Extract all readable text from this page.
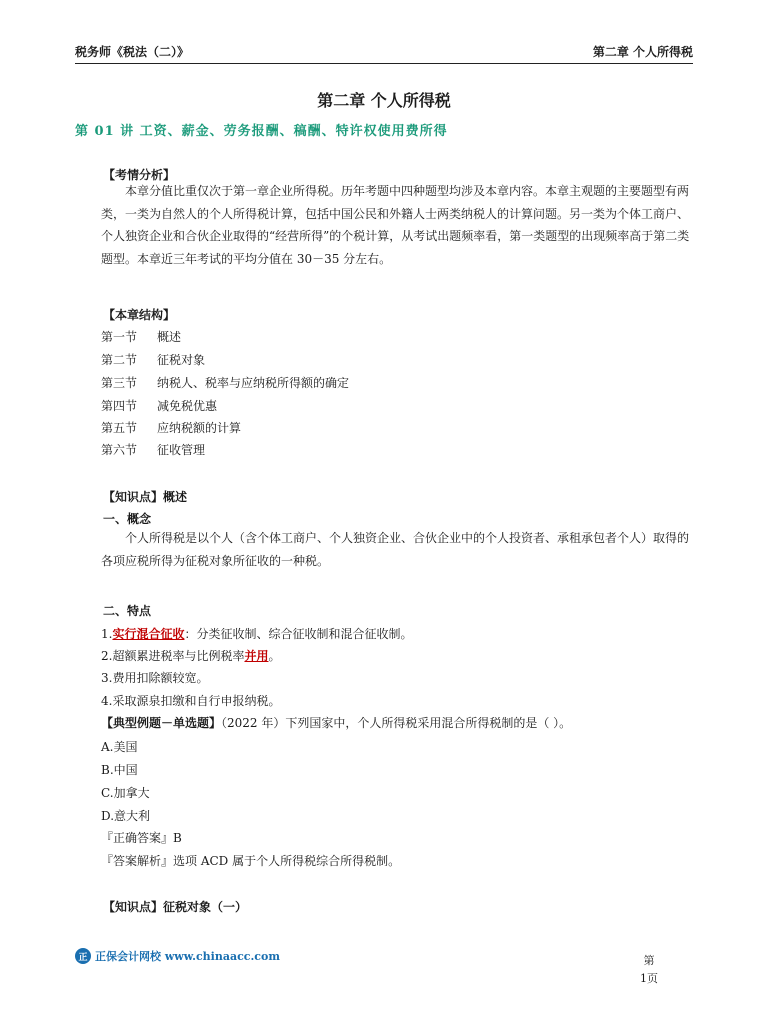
税务师《税法（二）》	第二章 个人所得税
第二章 个人所得税
第 01 讲 工资、薪金、劳务报酬、稿酬、特许权使用费所得
【考情分析】
本章分值比重仅次于第一章企业所得税。历年考题中四种题型均涉及本章内容。本章主观题的主要题型有两类，一类为自然人的个人所得税计算，包括中国公民和外籍人士两类纳税人的计算问题。另一类为个体工商户、个人独资企业和合伙企业取得的“经营所得”的个税计算，从考试出题频率看，第一类题型的出现频率高于第二类题型。本章近三年考试的平均分值在 30－35 分左右。
【本章结构】
第一节 概述
第二节 征税对象
第三节 纳税人、税率与应纳税所得额的确定
第四节 减免税优惠
第五节 应纳税额的计算
第六节 征收管理
【知识点】概述
一、概念
个人所得税是以个人（含个体工商户、个人独资企业、合伙企业中的个人投资者、承租承包者个人）取得的各项应税所得为征税对象所征收的一种税。
二、特点
1.实行混合征收：分类征收制、综合征收制和混合征收制。
2.超额累进税率与比例税率并用。
3.费用扣除额较宽。
4.采取源泉扣缴和自行申报纳税。
【典型例题－单选题】（2022 年）下列国家中，个人所得税采用混合所得税制的是（ ）。
A.美国
B.中国
C.加拿大
D.意大利
『正确答案』B
『答案解析』选项 ACD 属于个人所得税综合所得税制。
【知识点】征税对象（一）
正 正保会计网校 www.chinaacc.com	第
1页
